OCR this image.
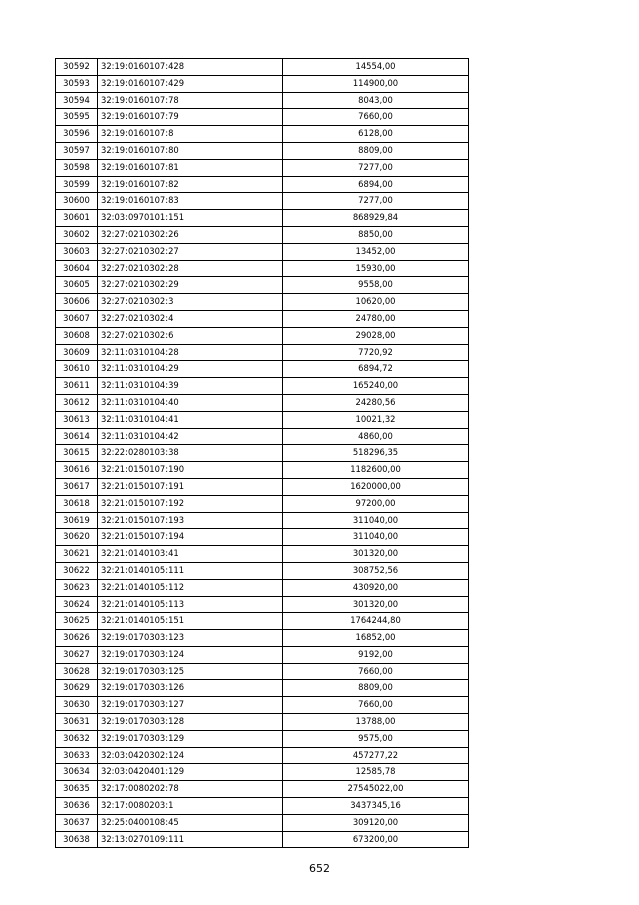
30592	32:19:0160107:428	14554,00
30593	32:19:0160107:429	114900,00
30594	32:19:0160107:78	8043,00
30595	32:19:0160107:79	7660,00
30596	32:19:0160107:8	6128,00
30597	32:19:0160107:80	8809,00
30598	32:19:0160107:81	7277,00
30599	32:19:0160107:82	6894,00
30600	32:19:0160107:83	7277,00
30601	32:03:0970101:151	868929,84
30602	32:27:0210302:26	8850,00
30603	32:27:0210302:27	13452,00
30604	32:27:0210302:28	15930,00
30605	32:27:0210302:29	9558,00
30606	32:27:0210302:3	10620,00
30607	32:27:0210302:4	24780,00
30608	32:27:0210302:6	29028,00
30609	32:11:0310104:28	7720,92
30610	32:11:0310104:29	6894,72
30611	32:11:0310104:39	165240,00
30612	32:11:0310104:40	24280,56
30613	32:11:0310104:41	10021,32
30614	32:11:0310104:42	4860,00
30615	32:22:0280103:38	518296,35
30616	32:21:0150107:190	1182600,00
30617	32:21:0150107:191	1620000,00
30618	32:21:0150107:192	97200,00
30619	32:21:0150107:193	311040,00
30620	32:21:0150107:194	311040,00
30621	32:21:0140103:41	301320,00
30622	32:21:0140105:111	308752,56
30623	32:21:0140105:112	430920,00
30624	32:21:0140105:113	301320,00
30625	32:21:0140105:151	1764244,80
30626	32:19:0170303:123	16852,00
30627	32:19:0170303:124	9192,00
30628	32:19:0170303:125	7660,00
30629	32:19:0170303:126	8809,00
30630	32:19:0170303:127	7660,00
30631	32:19:0170303:128	13788,00
30632	32:19:0170303:129	9575,00
30633	32:03:0420302:124	457277,22
30634	32:03:0420401:129	12585,78
30635	32:17:0080202:78	27545022,00
30636	32:17:0080203:1	3437345,16
30637	32:25:0400108:45	309120,00
30638	32:13:0270109:111	673200,00
652
